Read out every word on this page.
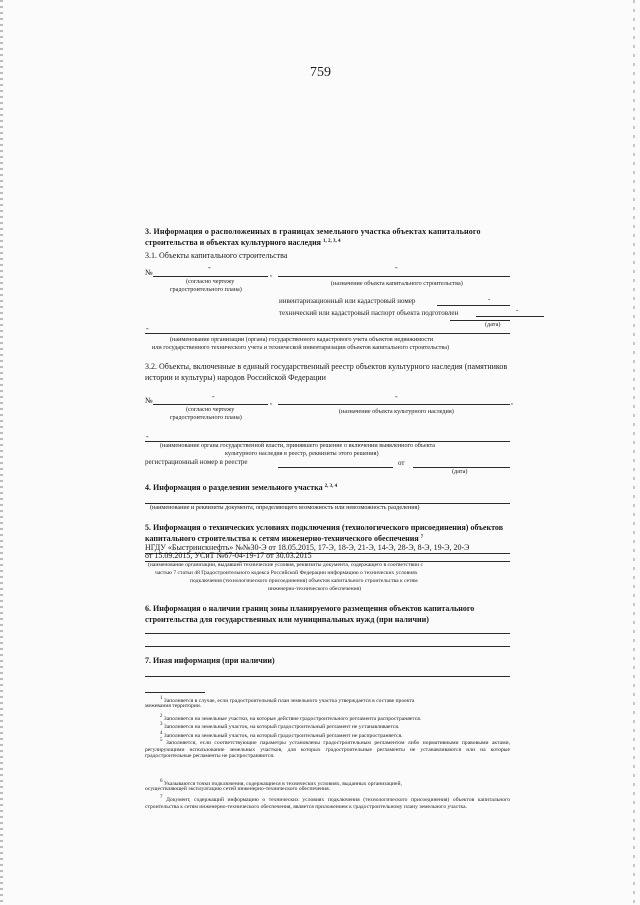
759
3. Информация о расположенных в границах земельного участка объектах капитального
строительства и объектах культурного наследия $^{1, 2, 3, 4}$
3.1. Объекты капитального строительства
№
-
,
-
(согласно чертежу
градостроительного плана)
(назначение объекта капитального строительства)
инвентаризационный или кадастровый номер	-
технический или кадастровый паспорт объекта подготовлен	-
(дата)
-
(наименование организации (органа) государственного кадастрового учета объектов недвижимости
или государственного технического учета и технической инвентаризации объектов капитального строительства)
3.2. Объекты, включенные в единый государственный реестр объектов культурного наследия (памятников
истории и культуры) народов Российской Федерации
№	-
,
-
,
(согласно чертежу
градостроительного плана)
(назначение объекта культурного наследия)
-
(наименование органа государственной власти, принявшего решение о включении выявленного объекта
культурного наследия в реестр, реквизиты этого решения)
регистрационный номер в реестре	от
(дата)
4. Информация о разделении земельного участка $^{2, 3, 4}$
(наименование и реквизиты документа, определяющего возможность или невозможность разделения)
5. Информация о технических условиях подключения (технологического присоединения) объектов
капитального строительства к сетям инженерно-технического обеспечения $^7$
НГДУ «Быстринскнефть» №№30-Э от 18.05.2015, 17-Э, 18-Э, 21-Э, 14-Э, 28-Э, 8-Э, 19-Э, 20-Э
от 15.09.2015, УСиТ №67-04-19-17 от 30.03.2015
(наименование организации, выдавшей технические условия, реквизиты документа, содержащего в соответствии с
частью 7 статьи 48 Градостроительного кодекса Российской Федерации информацию о технических условиях
подключения (технологического присоединения) объектов капитального строительства к сетям
инженерно-технического обеспечения)
6. Информация о наличии границ зоны планируемого размещения объектов капитального
строительства для государственных или муниципальных нужд (при наличии)
7. Иная информация (при наличии)
1 Заполняется в случае, если градостроительный план земельного участка утверждается в составе проекта
межевания территории.
2 Заполняется на земельные участки, на которые действие градостроительного регламента распространяется.
3 Заполняется на земельный участок, на который градостроительный регламент не устанавливается.
4 Заполняется на земельный участок, на который градостроительный регламент не распространяется.
5 Заполняется, если соответствующие параметры установлены градостроительным регламентом либо нормативными правовыми актами, регулирующими использование земельных участков, для которых градостроительные регламенты не устанавливаются или на которые градостроительные регламенты не распространяются.
6 Указываются точки подключения, содержащиеся в технических условиях, выданных организацией,
осуществляющей эксплуатацию сетей инженерно-технического обеспечения.
7 Документ, содержащий информацию о технических условиях подключения (технологического присоединения) объектов капитального строительства к сетям инженерно-технического обеспечения, является приложением к градостроительному плану земельного участка.
